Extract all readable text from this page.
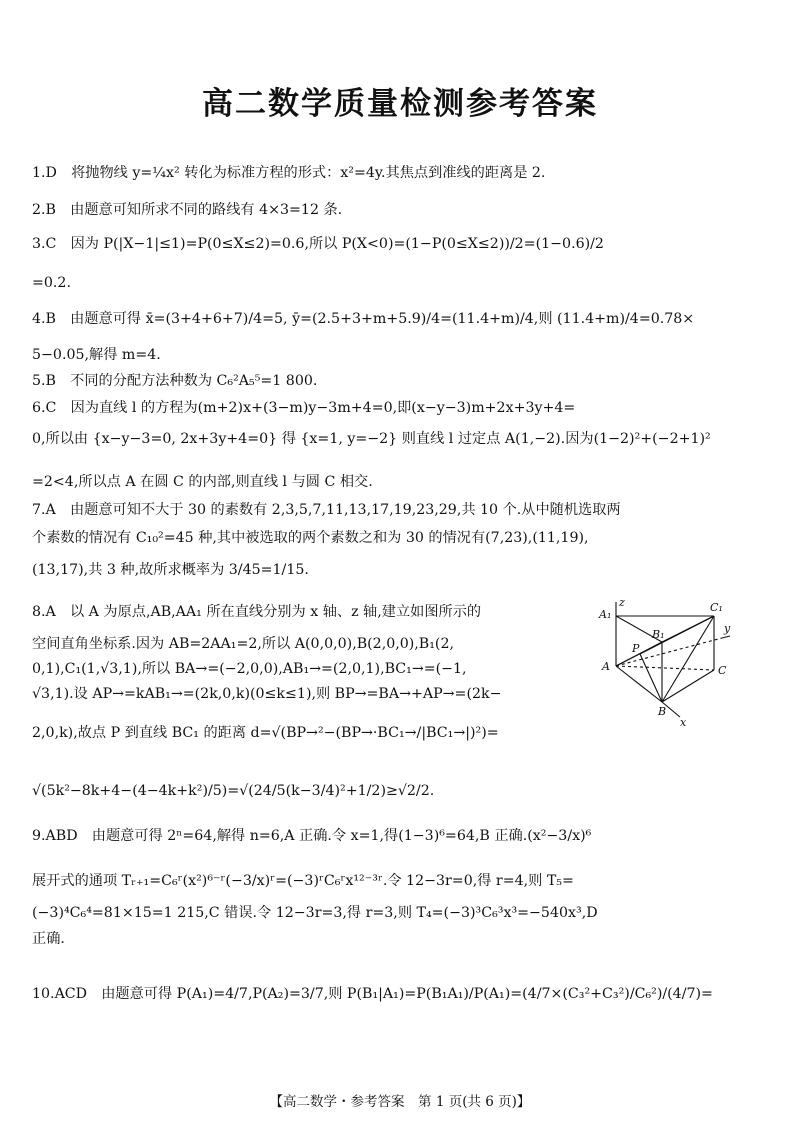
高二数学质量检测参考答案
1.D　将抛物线 y=¼x² 转化为标准方程的形式：x²=4y.其焦点到准线的距离是 2.
2.B　由题意可知所求不同的路线有 4×3=12 条.
3.C　因为 P(|X−1|≤1)=P(0≤X≤2)=0.6,所以 P(X<0)=(1−P(0≤X≤2))/2=(1−0.6)/2
=0.2.
4.B　由题意可得 x̄=(3+4+6+7)/4=5, ȳ=(2.5+3+m+5.9)/4=(11.4+m)/4,则 (11.4+m)/4=0.78×
5−0.05,解得 m=4.
5.B　不同的分配方法种数为 C₆²A₅⁵=1 800.
6.C　因为直线 l 的方程为(m+2)x+(3−m)y−3m+4=0,即(x−y−3)m+2x+3y+4=
0,所以由 {x−y−3=0, 2x+3y+4=0} 得 {x=1, y=−2} 则直线 l 过定点 A(1,−2).因为(1−2)²+(−2+1)²
=2<4,所以点 A 在圆 C 的内部,则直线 l 与圆 C 相交.
7.A　由题意可知不大于 30 的素数有 2,3,5,7,11,13,17,19,23,29,共 10 个.从中随机选取两
个素数的情况有 C₁₀²=45 种,其中被选取的两个素数之和为 30 的情况有(7,23),(11,19),
(13,17),共 3 种,故所求概率为 3/45=1/15.
8.A　以 A 为原点,AB,AA₁ 所在直线分别为 x 轴、z 轴,建立如图所示的
空间直角坐标系.因为 AB=2AA₁=2,所以 A(0,0,0),B(2,0,0),B₁(2,
0,1),C₁(1,√3,1),所以 BA→=(−2,0,0),AB₁→=(2,0,1),BC₁→=(−1,
√3,1).设 AP→=kAB₁→=(2k,0,k)(0≤k≤1),则 BP→=BA→+AP→=(2k−
2,0,k),故点 P 到直线 BC₁ 的距离 d=√(BP→²−(BP→·BC₁→/|BC₁→|)²)=
√(5k²−8k+4−(4−4k+k²)/5)=√(24/5(k−3/4)²+1/2)≥√2/2.
9.ABD　由题意可得 2ⁿ=64,解得 n=6,A 正确.令 x=1,得(1−3)⁶=64,B 正确.(x²−3/x)⁶
展开式的通项 Tᵣ₊₁=C₆ʳ(x²)⁶⁻ʳ(−3/x)ʳ=(−3)ʳC₆ʳx¹²⁻³ʳ.令 12−3r=0,得 r=4,则 T₅=
(−3)⁴C₆⁴=81×15=1 215,C 错误.令 12−3r=3,得 r=3,则 T₄=(−3)³C₆³x³=−540x³,D
正确.
10.ACD　由题意可得 P(A₁)=4/7,P(A₂)=3/7,则 P(B₁|A₁)=P(B₁A₁)/P(A₁)=(4/7×(C₃²+C₃²)/C₆²)/(4/7)=
z
y
x
A
A₁
B
B₁
C
C₁
P
【高二数学・参考答案　第 1 页(共 6 页)】
